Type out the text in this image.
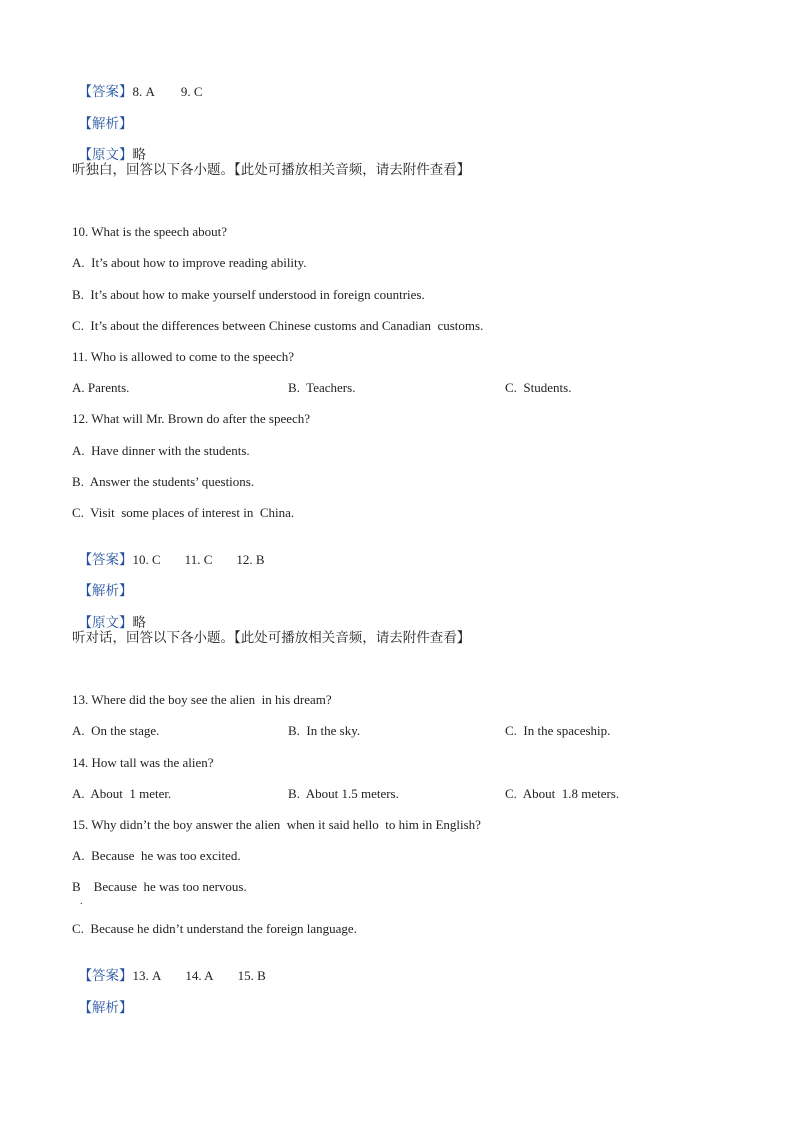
【答案】8. A 9. C

【解析】

【原文】略

听独白，回答以下各小题。【此处可播放相关音频，请去附件查看】
10. What is the speech about?
A.  It’s about how to improve reading ability.
B.  It’s about how to make yourself understood in foreign countries.
C.  It’s about the differences between Chinese customs and Canadian  customs.
11. Who is allowed to come to the speech?
A. Parents.	B.  Teachers.	C.  Students.
12. What will Mr. Brown do after the speech?
A.  Have dinner with the students.
B.  Answer the students’ questions.
C.  Visit  some places of interest in  China.

【答案】10. C 11. C 12. B

【解析】

【原文】略

听对话，回答以下各小题。【此处可播放相关音频，请去附件查看】
13. Where did the boy see the alien  in his dream?
A.  On the stage.	B.  In the sky.	C.  In the spaceship.
14. How tall was the alien?
A.  About  1 meter.	B.  About 1.5 meters.	C.  About  1.8 meters.
15. Why didn’t the boy answer the alien  when it said hello  to him in English?
A.  Because  he was too excited.
B    Because  he was too nervous.
.
C.  Because he didn’t understand the foreign language.

【答案】13. A 14. A 15. B

【解析】
